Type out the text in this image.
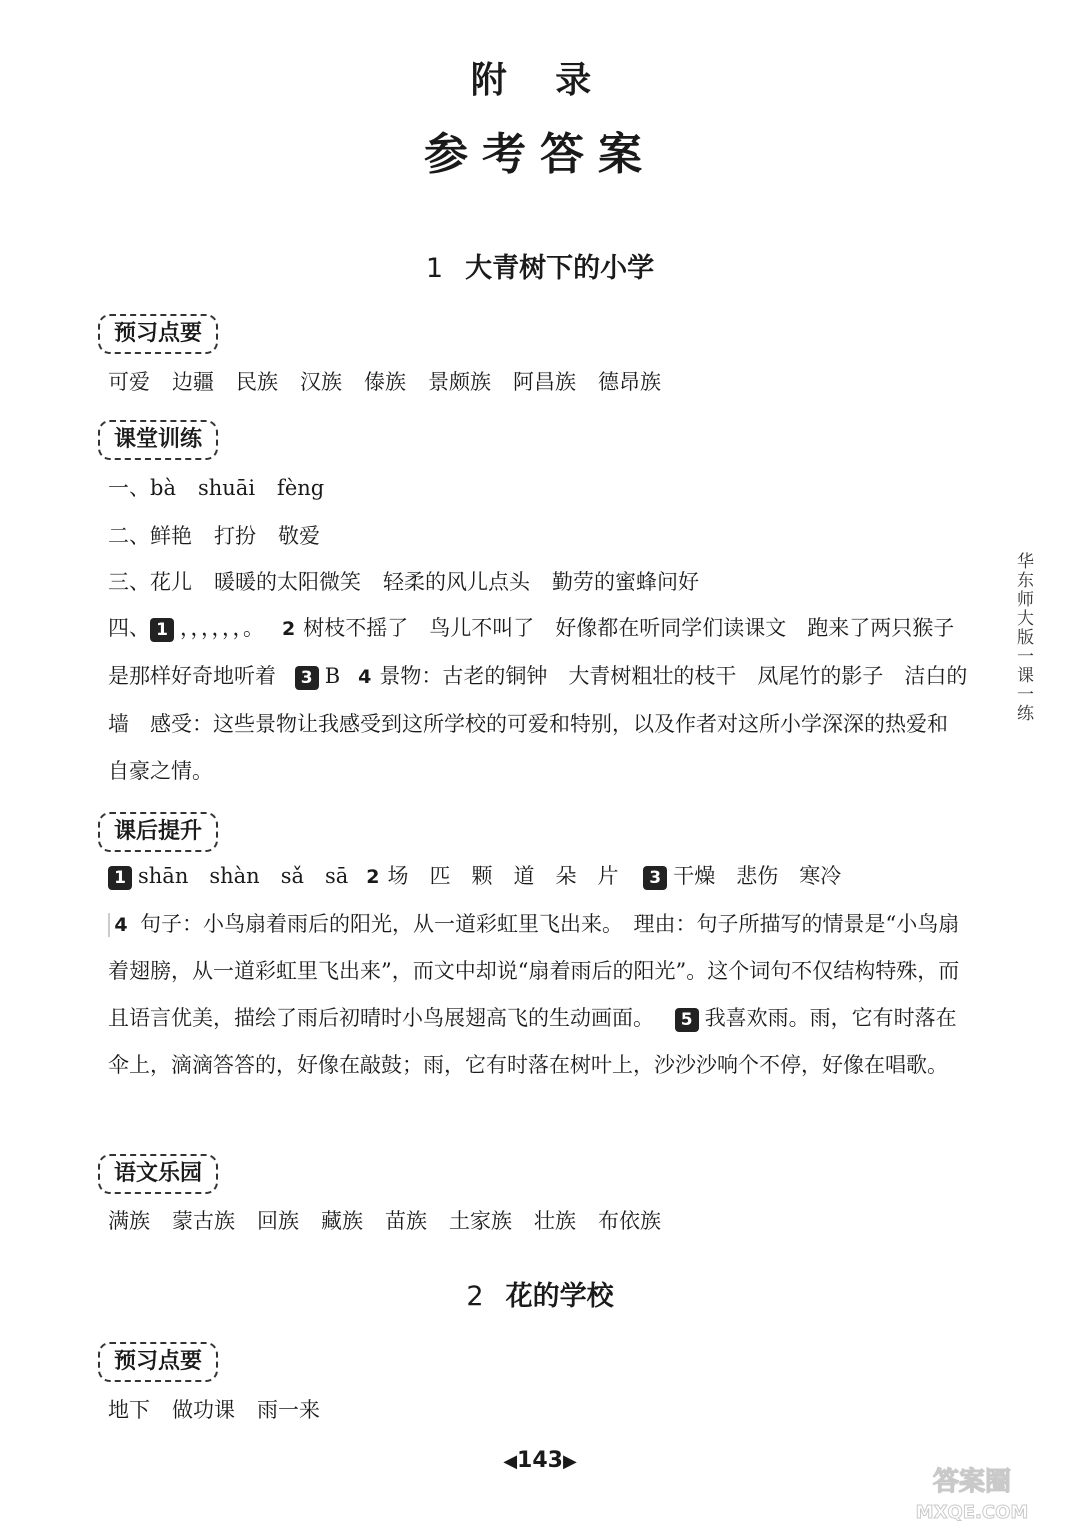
附 录
参考答案
1 大青树下的小学
预习点要
可爱 边疆 民族 汉族 傣族 景颇族 阿昌族 德昂族
课堂训练
一、bà shuāi fèng
二、鲜艳 打扮 敬爱
三、花儿 暖暖的太阳微笑 轻柔的风儿点头 勤劳的蜜蜂问好
四、 1 ，，，，，，。 2 树枝不摇了　鸟儿不叫了　好像都在听同学们读课文　跑来了两只猴子　是那样好奇地听着 3 B 4 景物：古老的铜钟　大青树粗壮的枝干　凤尾竹的影子　洁白的墙　感受：这些景物让我感受到这所学校的可爱和特别，以及作者对这所小学深深的热爱和自豪之情。
课后提升
1 shān　shàn　sǎ　sā 2 场　匹　颗　道　朵　片 3 干燥　悲伤　寒冷
4 句子：小鸟扇着雨后的阳光，从一道彩虹里飞出来。　理由：句子所描写的情景是“小鸟扇着翅膀，从一道彩虹里飞出来”，而文中却说“扇着雨后的阳光”。这个词句不仅结构特殊，而且语言优美，描绘了雨后初晴时小鸟展翅高飞的生动画面。 5 我喜欢雨。雨，它有时落在伞上，滴滴答答的，好像在敲鼓；雨，它有时落在树叶上，沙沙沙响个不停，好像在唱歌。
语文乐园
满族 蒙古族 回族 藏族 苗族 土家族 壮族 布依族
2 花的学校
预习点要
地下 做功课 雨一来
华东师大版一课一练
◀143▶
答案圈
MXQE.COM
